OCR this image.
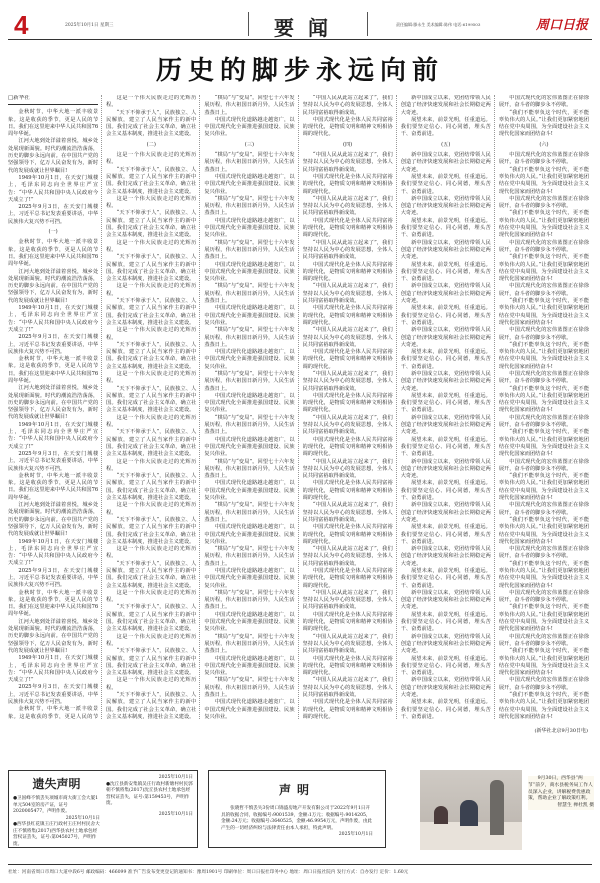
4	2025年10月1日 星期三	要闻	责任编辑:滕永生 美术编辑:陈伟 电话:6199503	周口日报
历史的脚步永远向前

□新华社

金秋时节，中华大地一派丰收景象。这是收获的季节，更是人民的节日。我们在这里迎来中华人民共和国76周年华诞。

江河大地到处洋溢着喜悦，城乡处处展现新面貌。时代的潮流浩浩荡荡，历史的脚步永远向前。在中国共产党的坚强领导下，亿万人民奋发有为，新时代的发展成就让世界瞩目!

1949年10月1日，在天安门城楼上，毛泽东同志向全世界庄严宣告：“中华人民共和国中央人民政府今天成立了!”

2025年9月3日，在天安门城楼上，习近平总书记发表重要讲话，中华民族伟大复兴势不可挡。

(一)

金秋时节，中华大地一派丰收景象。这是收获的季节，更是人民的节日。我们在这里迎来中华人民共和国76周年华诞。

江河大地到处洋溢着喜悦，城乡处处展现新面貌。时代的潮流浩浩荡荡，历史的脚步永远向前。在中国共产党的坚强领导下，亿万人民奋发有为，新时代的发展成就让世界瞩目!

1949年10月1日，在天安门城楼上，毛泽东同志向全世界庄严宣告：“中华人民共和国中央人民政府今天成立了!”

2025年9月3日，在天安门城楼上，习近平总书记发表重要讲话，中华民族伟大复兴势不可挡。

金秋时节，中华大地一派丰收景象。这是收获的季节，更是人民的节日。我们在这里迎来中华人民共和国76周年华诞。

江河大地到处洋溢着喜悦，城乡处处展现新面貌。时代的潮流浩浩荡荡，历史的脚步永远向前。在中国共产党的坚强领导下，亿万人民奋发有为，新时代的发展成就让世界瞩目!

1949年10月1日，在天安门城楼上，毛泽东同志向全世界庄严宣告：“中华人民共和国中央人民政府今天成立了!”

2025年9月3日，在天安门城楼上，习近平总书记发表重要讲话，中华民族伟大复兴势不可挡。

金秋时节，中华大地一派丰收景象。这是收获的季节，更是人民的节日。我们在这里迎来中华人民共和国76周年华诞。

江河大地到处洋溢着喜悦，城乡处处展现新面貌。时代的潮流浩浩荡荡，历史的脚步永远向前。在中国共产党的坚强领导下，亿万人民奋发有为，新时代的发展成就让世界瞩目!

1949年10月1日，在天安门城楼上，毛泽东同志向全世界庄严宣告：“中华人民共和国中央人民政府今天成立了!”

2025年9月3日，在天安门城楼上，习近平总书记发表重要讲话，中华民族伟大复兴势不可挡。

金秋时节，中华大地一派丰收景象。这是收获的季节，更是人民的节日。我们在这里迎来中华人民共和国76周年华诞。

江河大地到处洋溢着喜悦，城乡处处展现新面貌。时代的潮流浩浩荡荡，历史的脚步永远向前。在中国共产党的坚强领导下，亿万人民奋发有为，新时代的发展成就让世界瞩目!

1949年10月1日，在天安门城楼上，毛泽东同志向全世界庄严宣告：“中华人民共和国中央人民政府今天成立了!”

2025年9月3日，在天安门城楼上，习近平总书记发表重要讲话，中华民族伟大复兴势不可挡。

金秋时节，中华大地一派丰收景象。这是收获的季节，更是人民的节

这是一个伟大民族走过的光辉历程。

“天下不仰承于人”，民族独立、人民解放，建立了人民当家作主的新中国。我们完成了社会主义革命，确立社会主义基本制度，推进社会主义建设。

(二)

这是一个伟大民族走过的光辉历程。

“天下不仰承于人”，民族独立、人民解放，建立了人民当家作主的新中国。我们完成了社会主义革命，确立社会主义基本制度，推进社会主义建设。

这是一个伟大民族走过的光辉历程。

“天下不仰承于人”，民族独立、人民解放，建立了人民当家作主的新中国。我们完成了社会主义革命，确立社会主义基本制度，推进社会主义建设。

这是一个伟大民族走过的光辉历程。

“天下不仰承于人”，民族独立、人民解放，建立了人民当家作主的新中国。我们完成了社会主义革命，确立社会主义基本制度，推进社会主义建设。

这是一个伟大民族走过的光辉历程。

“天下不仰承于人”，民族独立、人民解放，建立了人民当家作主的新中国。我们完成了社会主义革命，确立社会主义基本制度，推进社会主义建设。

这是一个伟大民族走过的光辉历程。

“天下不仰承于人”，民族独立、人民解放，建立了人民当家作主的新中国。我们完成了社会主义革命，确立社会主义基本制度，推进社会主义建设。

这是一个伟大民族走过的光辉历程。

“天下不仰承于人”，民族独立、人民解放，建立了人民当家作主的新中国。我们完成了社会主义革命，确立社会主义基本制度，推进社会主义建设。

这是一个伟大民族走过的光辉历程。

“天下不仰承于人”，民族独立、人民解放，建立了人民当家作主的新中国。我们完成了社会主义革命，确立社会主义基本制度，推进社会主义建设。

这是一个伟大民族走过的光辉历程。

“天下不仰承于人”，民族独立、人民解放，建立了人民当家作主的新中国。我们完成了社会主义革命，确立社会主义基本制度，推进社会主义建设。

这是一个伟大民族走过的光辉历程。

“天下不仰承于人”，民族独立、人民解放，建立了人民当家作主的新中国。我们完成了社会主义革命，确立社会主义基本制度，推进社会主义建设。

这是一个伟大民族走过的光辉历程。

“天下不仰承于人”，民族独立、人民解放，建立了人民当家作主的新中国。我们完成了社会主义革命，确立社会主义基本制度，推进社会主义建设。

这是一个伟大民族走过的光辉历程。

“天下不仰承于人”，民族独立、人民解放，建立了人民当家作主的新中国。我们完成了社会主义革命，确立社会主义基本制度，推进社会主义建设。

这是一个伟大民族走过的光辉历程。

“天下不仰承于人”，民族独立、人民解放，建立了人民当家作主的新中国。我们完成了社会主义革命，确立社会主义基本制度，推进社会主义建设。

这是一个伟大民族走过的光辉历程。

“天下不仰承于人”，民族独立、人民解放，建立了人民当家作主的新中国。我们完成了社会主义革命，确立社会主义基本制度，推进社会主义建设。

“棋局”与“变局”。回望七十六年发展历程，伟大祖国日新月异，人民生活蒸蒸日上。

中国式现代化道路越走越宽广，以中国式现代化全面推进强国建设、民族复兴伟业。

(三)

“棋局”与“变局”。回望七十六年发展历程，伟大祖国日新月异，人民生活蒸蒸日上。

中国式现代化道路越走越宽广，以中国式现代化全面推进强国建设、民族复兴伟业。

“棋局”与“变局”。回望七十六年发展历程，伟大祖国日新月异，人民生活蒸蒸日上。

中国式现代化道路越走越宽广，以中国式现代化全面推进强国建设、民族复兴伟业。

“棋局”与“变局”。回望七十六年发展历程，伟大祖国日新月异，人民生活蒸蒸日上。

中国式现代化道路越走越宽广，以中国式现代化全面推进强国建设、民族复兴伟业。

“棋局”与“变局”。回望七十六年发展历程，伟大祖国日新月异，人民生活蒸蒸日上。

中国式现代化道路越走越宽广，以中国式现代化全面推进强国建设、民族复兴伟业。

“棋局”与“变局”。回望七十六年发展历程，伟大祖国日新月异，人民生活蒸蒸日上。

中国式现代化道路越走越宽广，以中国式现代化全面推进强国建设、民族复兴伟业。

“棋局”与“变局”。回望七十六年发展历程，伟大祖国日新月异，人民生活蒸蒸日上。

中国式现代化道路越走越宽广，以中国式现代化全面推进强国建设、民族复兴伟业。

“棋局”与“变局”。回望七十六年发展历程，伟大祖国日新月异，人民生活蒸蒸日上。

中国式现代化道路越走越宽广，以中国式现代化全面推进强国建设、民族复兴伟业。

“棋局”与“变局”。回望七十六年发展历程，伟大祖国日新月异，人民生活蒸蒸日上。

中国式现代化道路越走越宽广，以中国式现代化全面推进强国建设、民族复兴伟业。

“棋局”与“变局”。回望七十六年发展历程，伟大祖国日新月异，人民生活蒸蒸日上。

中国式现代化道路越走越宽广，以中国式现代化全面推进强国建设、民族复兴伟业。

“棋局”与“变局”。回望七十六年发展历程，伟大祖国日新月异，人民生活蒸蒸日上。

中国式现代化道路越走越宽广，以中国式现代化全面推进强国建设、民族复兴伟业。

“棋局”与“变局”。回望七十六年发展历程，伟大祖国日新月异，人民生活蒸蒸日上。

中国式现代化道路越走越宽广，以中国式现代化全面推进强国建设、民族复兴伟业。

“棋局”与“变局”。回望七十六年发展历程，伟大祖国日新月异，人民生活蒸蒸日上。

中国式现代化道路越走越宽广，以中国式现代化全面推进强国建设、民族复兴伟业。

“棋局”与“变局”。回望七十六年发展历程，伟大祖国日新月异，人民生活蒸蒸日上。

中国式现代化道路越走越宽广，以中国式现代化全面推进强国建设、民族复兴伟业。

“中国人民从此站立起来了”，我们坚持以人民为中心的发展思想，全体人民共同富裕取得新成效。

中国式现代化是全体人民共同富裕的现代化，是物质文明和精神文明相协调的现代化。

(四)

“中国人民从此站立起来了”，我们坚持以人民为中心的发展思想，全体人民共同富裕取得新成效。

中国式现代化是全体人民共同富裕的现代化，是物质文明和精神文明相协调的现代化。

“中国人民从此站立起来了”，我们坚持以人民为中心的发展思想，全体人民共同富裕取得新成效。

中国式现代化是全体人民共同富裕的现代化，是物质文明和精神文明相协调的现代化。

“中国人民从此站立起来了”，我们坚持以人民为中心的发展思想，全体人民共同富裕取得新成效。

中国式现代化是全体人民共同富裕的现代化，是物质文明和精神文明相协调的现代化。

“中国人民从此站立起来了”，我们坚持以人民为中心的发展思想，全体人民共同富裕取得新成效。

中国式现代化是全体人民共同富裕的现代化，是物质文明和精神文明相协调的现代化。

“中国人民从此站立起来了”，我们坚持以人民为中心的发展思想，全体人民共同富裕取得新成效。

中国式现代化是全体人民共同富裕的现代化，是物质文明和精神文明相协调的现代化。

“中国人民从此站立起来了”，我们坚持以人民为中心的发展思想，全体人民共同富裕取得新成效。

中国式现代化是全体人民共同富裕的现代化，是物质文明和精神文明相协调的现代化。

“中国人民从此站立起来了”，我们坚持以人民为中心的发展思想，全体人民共同富裕取得新成效。

中国式现代化是全体人民共同富裕的现代化，是物质文明和精神文明相协调的现代化。

“中国人民从此站立起来了”，我们坚持以人民为中心的发展思想，全体人民共同富裕取得新成效。

中国式现代化是全体人民共同富裕的现代化，是物质文明和精神文明相协调的现代化。

“中国人民从此站立起来了”，我们坚持以人民为中心的发展思想，全体人民共同富裕取得新成效。

中国式现代化是全体人民共同富裕的现代化，是物质文明和精神文明相协调的现代化。

“中国人民从此站立起来了”，我们坚持以人民为中心的发展思想，全体人民共同富裕取得新成效。

中国式现代化是全体人民共同富裕的现代化，是物质文明和精神文明相协调的现代化。

“中国人民从此站立起来了”，我们坚持以人民为中心的发展思想，全体人民共同富裕取得新成效。

中国式现代化是全体人民共同富裕的现代化，是物质文明和精神文明相协调的现代化。

“中国人民从此站立起来了”，我们坚持以人民为中心的发展思想，全体人民共同富裕取得新成效。

中国式现代化是全体人民共同富裕的现代化，是物质文明和精神文明相协调的现代化。

“中国人民从此站立起来了”，我们坚持以人民为中心的发展思想，全体人民共同富裕取得新成效。

中国式现代化是全体人民共同富裕的现代化，是物质文明和精神文明相协调的现代化。

新中国成立以来，党团结带领人民创造了经济快速发展和社会长期稳定两大奇迹。

展望未来，前景光明，任重道远。我们要坚定信心、同心同德，埋头苦干、奋勇前进。

(五)

新中国成立以来，党团结带领人民创造了经济快速发展和社会长期稳定两大奇迹。

展望未来，前景光明，任重道远。我们要坚定信心、同心同德，埋头苦干、奋勇前进。

新中国成立以来，党团结带领人民创造了经济快速发展和社会长期稳定两大奇迹。

展望未来，前景光明，任重道远。我们要坚定信心、同心同德，埋头苦干、奋勇前进。

新中国成立以来，党团结带领人民创造了经济快速发展和社会长期稳定两大奇迹。

展望未来，前景光明，任重道远。我们要坚定信心、同心同德，埋头苦干、奋勇前进。

新中国成立以来，党团结带领人民创造了经济快速发展和社会长期稳定两大奇迹。

展望未来，前景光明，任重道远。我们要坚定信心、同心同德，埋头苦干、奋勇前进。

新中国成立以来，党团结带领人民创造了经济快速发展和社会长期稳定两大奇迹。

展望未来，前景光明，任重道远。我们要坚定信心、同心同德，埋头苦干、奋勇前进。

新中国成立以来，党团结带领人民创造了经济快速发展和社会长期稳定两大奇迹。

展望未来，前景光明，任重道远。我们要坚定信心、同心同德，埋头苦干、奋勇前进。

新中国成立以来，党团结带领人民创造了经济快速发展和社会长期稳定两大奇迹。

展望未来，前景光明，任重道远。我们要坚定信心、同心同德，埋头苦干、奋勇前进。

新中国成立以来，党团结带领人民创造了经济快速发展和社会长期稳定两大奇迹。

展望未来，前景光明，任重道远。我们要坚定信心、同心同德，埋头苦干、奋勇前进。

新中国成立以来，党团结带领人民创造了经济快速发展和社会长期稳定两大奇迹。

展望未来，前景光明，任重道远。我们要坚定信心、同心同德，埋头苦干、奋勇前进。

新中国成立以来，党团结带领人民创造了经济快速发展和社会长期稳定两大奇迹。

展望未来，前景光明，任重道远。我们要坚定信心、同心同德，埋头苦干、奋勇前进。

新中国成立以来，党团结带领人民创造了经济快速发展和社会长期稳定两大奇迹。

展望未来，前景光明，任重道远。我们要坚定信心、同心同德，埋头苦干、奋勇前进。

新中国成立以来，党团结带领人民创造了经济快速发展和社会长期稳定两大奇迹。

展望未来，前景光明，任重道远。我们要坚定信心、同心同德，埋头苦干、奋勇前进。

新中国成立以来，党团结带领人民创造了经济快速发展和社会长期稳定两大奇迹。

展望未来，前景光明，任重道远。我们要坚定信心、同心同德，埋头苦干、奋勇前进。

中国式现代化的宏伟蓝图正在徐徐展开，奋斗者的脚步永不停歇。

“我们不能辜负这个时代，更不能辜负伟大的人民。”让我们更加紧密地团结在党中央周围，为全面建设社会主义现代化国家而团结奋斗!

(六)

中国式现代化的宏伟蓝图正在徐徐展开，奋斗者的脚步永不停歇。

“我们不能辜负这个时代，更不能辜负伟大的人民。”让我们更加紧密地团结在党中央周围，为全面建设社会主义现代化国家而团结奋斗!

中国式现代化的宏伟蓝图正在徐徐展开，奋斗者的脚步永不停歇。

“我们不能辜负这个时代，更不能辜负伟大的人民。”让我们更加紧密地团结在党中央周围，为全面建设社会主义现代化国家而团结奋斗!

中国式现代化的宏伟蓝图正在徐徐展开，奋斗者的脚步永不停歇。

“我们不能辜负这个时代，更不能辜负伟大的人民。”让我们更加紧密地团结在党中央周围，为全面建设社会主义现代化国家而团结奋斗!

中国式现代化的宏伟蓝图正在徐徐展开，奋斗者的脚步永不停歇。

“我们不能辜负这个时代，更不能辜负伟大的人民。”让我们更加紧密地团结在党中央周围，为全面建设社会主义现代化国家而团结奋斗!

中国式现代化的宏伟蓝图正在徐徐展开，奋斗者的脚步永不停歇。

“我们不能辜负这个时代，更不能辜负伟大的人民。”让我们更加紧密地团结在党中央周围，为全面建设社会主义现代化国家而团结奋斗!

中国式现代化的宏伟蓝图正在徐徐展开，奋斗者的脚步永不停歇。

“我们不能辜负这个时代，更不能辜负伟大的人民。”让我们更加紧密地团结在党中央周围，为全面建设社会主义现代化国家而团结奋斗!

中国式现代化的宏伟蓝图正在徐徐展开，奋斗者的脚步永不停歇。

“我们不能辜负这个时代，更不能辜负伟大的人民。”让我们更加紧密地团结在党中央周围，为全面建设社会主义现代化国家而团结奋斗!

中国式现代化的宏伟蓝图正在徐徐展开，奋斗者的脚步永不停歇。

“我们不能辜负这个时代，更不能辜负伟大的人民。”让我们更加紧密地团结在党中央周围，为全面建设社会主义现代化国家而团结奋斗!

中国式现代化的宏伟蓝图正在徐徐展开，奋斗者的脚步永不停歇。

“我们不能辜负这个时代，更不能辜负伟大的人民。”让我们更加紧密地团结在党中央周围，为全面建设社会主义现代化国家而团结奋斗!

中国式现代化的宏伟蓝图正在徐徐展开，奋斗者的脚步永不停歇。

“我们不能辜负这个时代，更不能辜负伟大的人民。”让我们更加紧密地团结在党中央周围，为全面建设社会主义现代化国家而团结奋斗!

中国式现代化的宏伟蓝图正在徐徐展开，奋斗者的脚步永不停歇。

“我们不能辜负这个时代，更不能辜负伟大的人民。”让我们更加紧密地团结在党中央周围，为全面建设社会主义现代化国家而团结奋斗!

中国式现代化的宏伟蓝图正在徐徐展开，奋斗者的脚步永不停歇。

“我们不能辜负这个时代，更不能辜负伟大的人民。”让我们更加紧密地团结在党中央周围，为全面建设社会主义现代化国家而团结奋斗!

中国式现代化的宏伟蓝图正在徐徐展开，奋斗者的脚步永不停歇。

“我们不能辜负这个时代，更不能辜负伟大的人民。”让我们更加紧密地团结在党中央周围，为全面建设社会主义现代化国家而团结奋斗!

(新华社北京9月30日电)
遗失声明
●卫国峰不慎丢失项城市商大街工会大厦1单元504室的房产证，证号2020005477，声明作废。
2025年10月1日
●西华县红花镇王庄行政村王庄村村民舍大庄不慎将集(2017)西华县农村土地承包经营权证丢失，证号:第045027号，声明作废。
2025年10月1日
●沈丘县新安集镇吴庄行政村新塘村村民郭朝不慎将集(2017)沈丘县农村土地承包经营权证丢失，证号:第159453号，声明作废。
2025年10月1日
声明
张晓哲不慎丢失3份周口锦盛房地产开发有限公司于2022年9月1日开具的收据合同，收据编号:9001539，金额:1万元；收据编号:9014205，金额:24万元；收据编号:3640525，金额:46.9954万元，声明作废，由此产生的一切经济纠纷与法律责任由本人承担，特此声明。
2025年10月1日
9月30日，西华县“两节”前夕，商水县税务局工作人员深入企业，讲解税费优惠政策，帮助企业了解政策红利。
智慧生 禅杜凯 摄
社址：河南省周口市周口大道中段6号 邮政编码：466099 准予广告发布变更登记的通知书：豫周1901号 印刷单位：周口日报社印务中心 地址：周口日报社院内 发行方式：自办发行 定价：1.60元
